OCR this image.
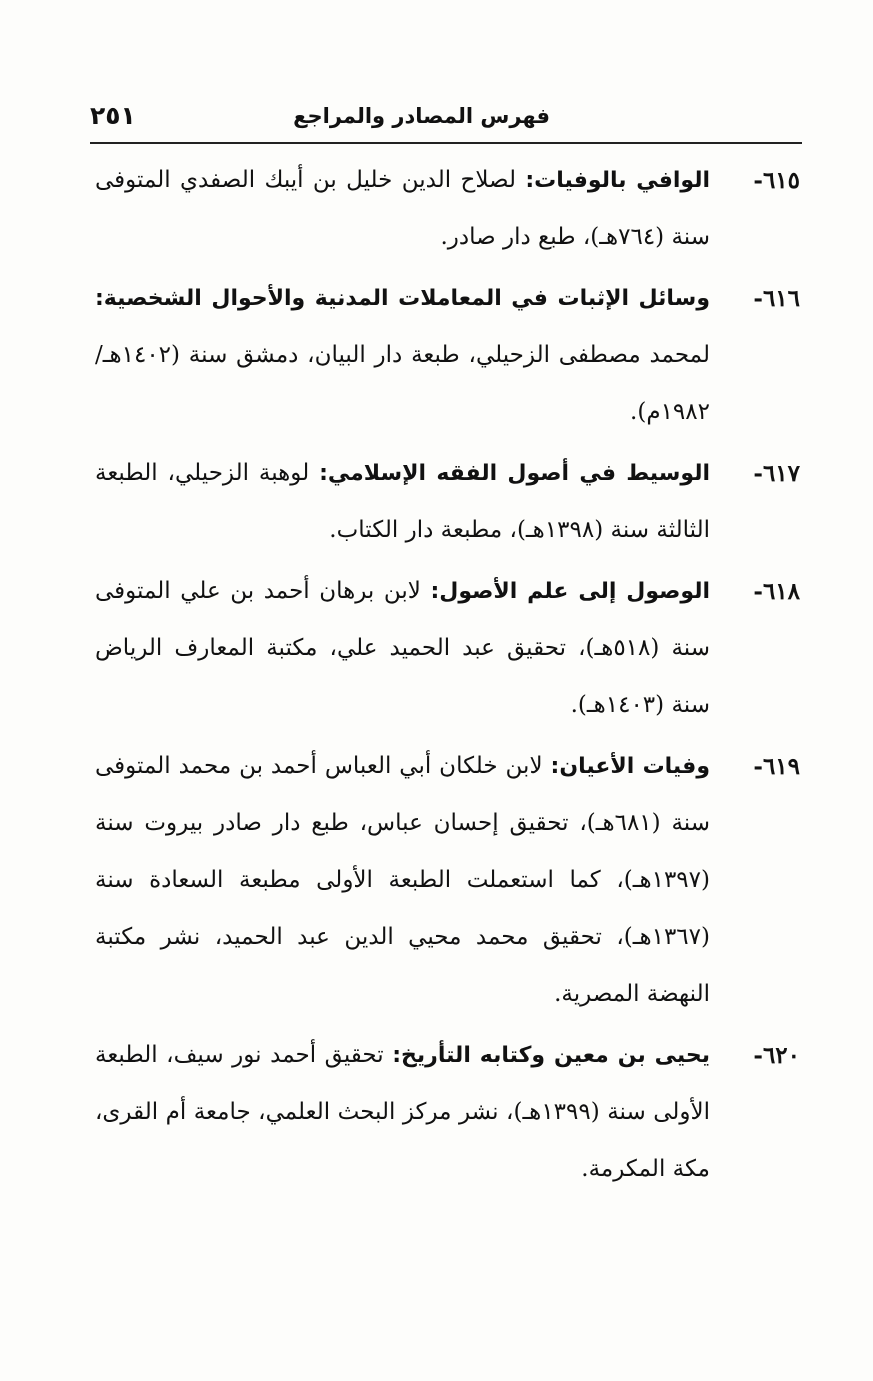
فهرس المصادر والمراجع
٢٥١
٦١٥-
الوافي بالوفيات: لصلاح الدين خليل بن أيبك الصفدي المتوفى سنة (٧٦٤هـ)، طبع دار صادر.
٦١٦-
وسائل الإثبات في المعاملات المدنية والأحوال الشخصية: لمحمد مصطفى الزحيلي، طبعة دار البيان، دمشق سنة (١٤٠٢هـ/ ١٩٨٢م).
٦١٧-
الوسيط في أصول الفقه الإسلامي: لوهبة الزحيلي، الطبعة الثالثة سنة (١٣٩٨هـ)، مطبعة دار الكتاب.
٦١٨-
الوصول إلى علم الأصول: لابن برهان أحمد بن علي المتوفى سنة (٥١٨هـ)، تحقيق عبد الحميد علي، مكتبة المعارف الرياض سنة (١٤٠٣هـ).
٦١٩-
وفيات الأعيان: لابن خلكان أبي العباس أحمد بن محمد المتوفى سنة (٦٨١هـ)، تحقيق إحسان عباس، طبع دار صادر بيروت سنة (١٣٩٧هـ)، كما استعملت الطبعة الأولى مطبعة السعادة سنة (١٣٦٧هـ)، تحقيق محمد محيي الدين عبد الحميد، نشر مكتبة النهضة المصرية.
٦٢٠-
يحيى بن معين وكتابه التأريخ: تحقيق أحمد نور سيف، الطبعة الأولى سنة (١٣٩٩هـ)، نشر مركز البحث العلمي، جامعة أم القرى، مكة المكرمة.
